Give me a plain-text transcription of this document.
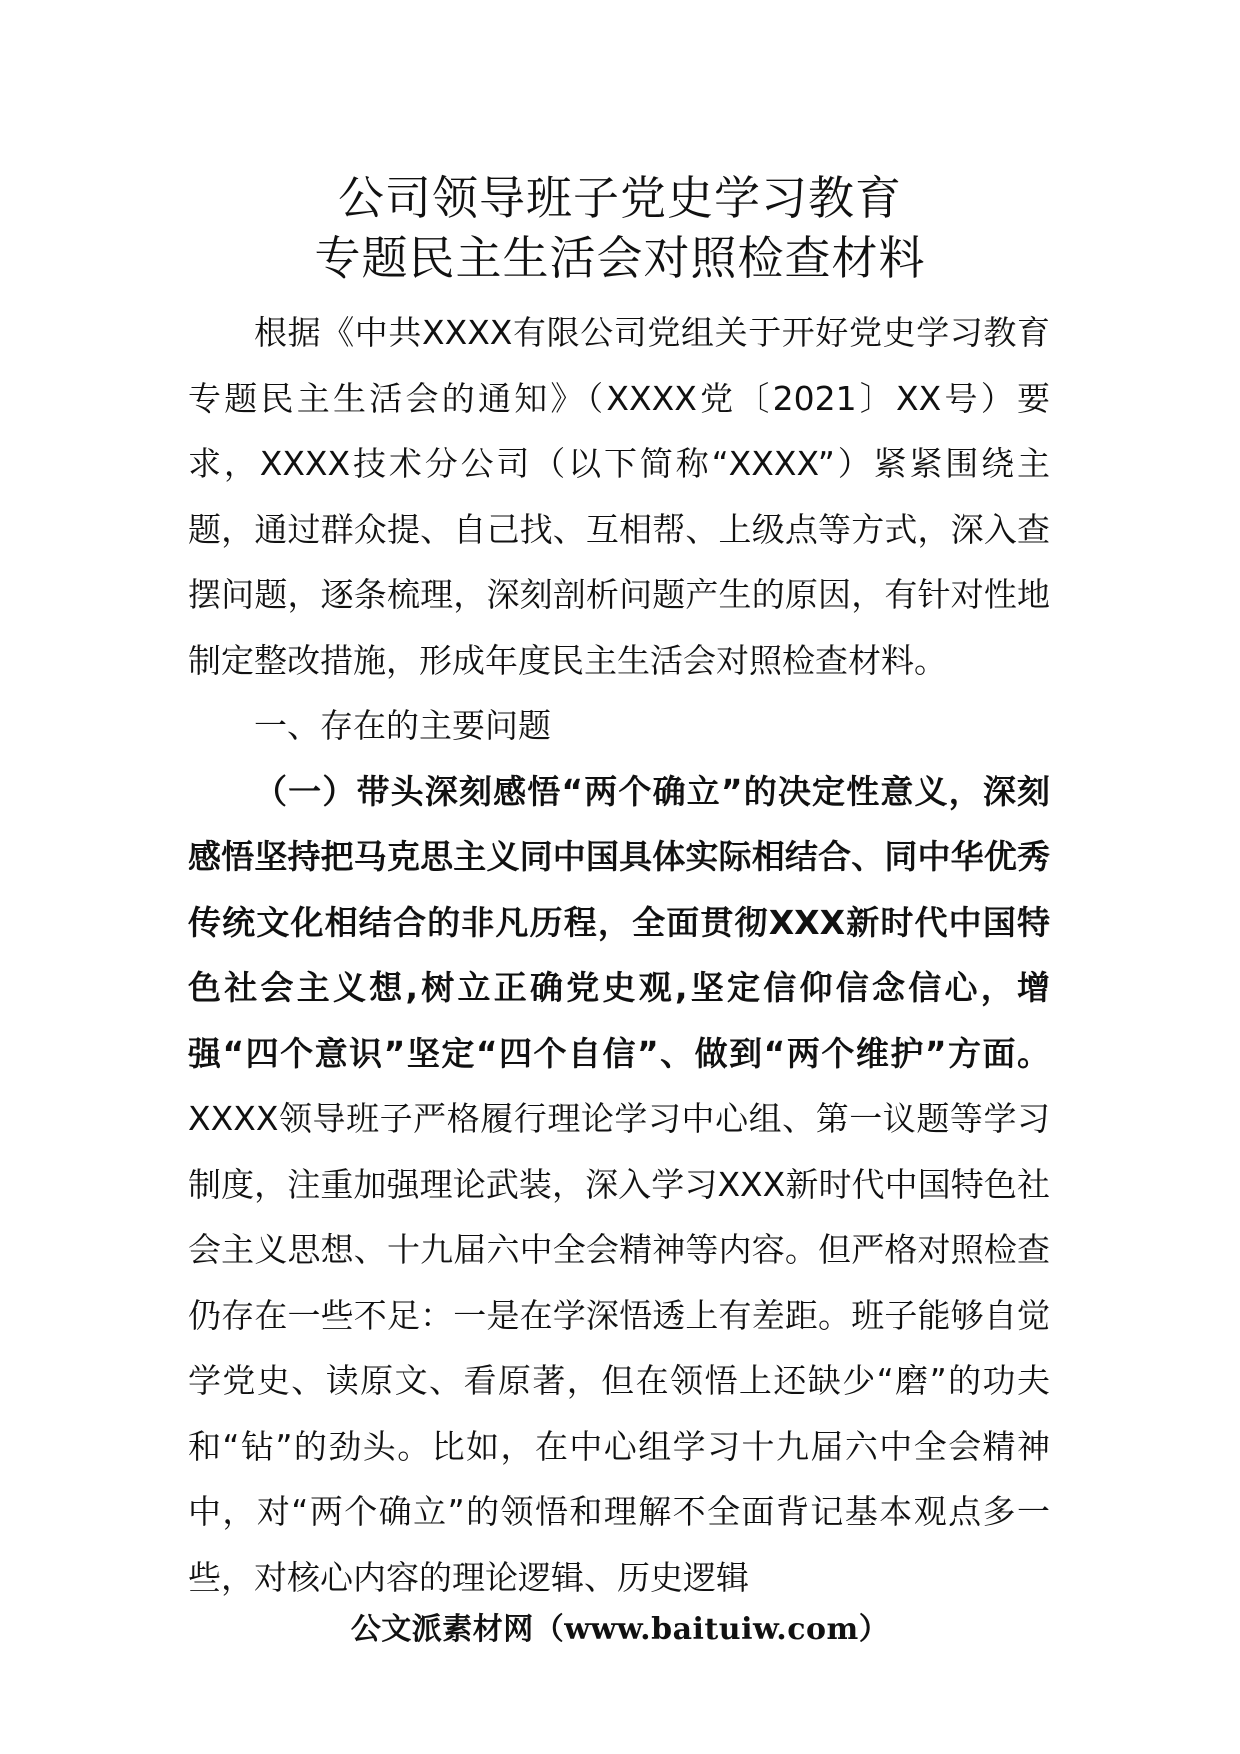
公司领导班子党史学习教育
专题民主生活会对照检查材料

根据《中共XXXX有限公司党组关于开好党史学习教育专题民主生活会的通知》（XXXX党〔2021〕XX号）要求，XXXX技术分公司（以下简称“XXXX”）紧紧围绕主题，通过群众提、自己找、互相帮、上级点等方式，深入查摆问题，逐条梳理，深刻剖析问题产生的原因，有针对性地制定整改措施，形成年度民主生活会对照检查材料。

一、存在的主要问题

（一）带头深刻感悟“两个确立”的决定性意义，深刻感悟坚持把马克思主义同中国具体实际相结合、同中华优秀传统文化相结合的非凡历程，全面贯彻XXX新时代中国特色社会主义想,树立正确党史观,坚定信仰信念信心，增强“四个意识”坚定“四个自信”、做到“两个维护”方面。XXXX领导班子严格履行理论学习中心组、第一议题等学习制度，注重加强理论武装，深入学习XXX新时代中国特色社会主义思想、十九届六中全会精神等内容。但严格对照检查仍存在一些不足：一是在学深悟透上有差距。班子能够自觉学党史、读原文、看原著，但在领悟上还缺少“磨”的功夫和“钻”的劲头。比如，在中心组学习十九届六中全会精神中，对“两个确立”的领悟和理解不全面背记基本观点多一些，对核心内容的理论逻辑、历史逻辑

公文派素材网（www.baituiw.com）
